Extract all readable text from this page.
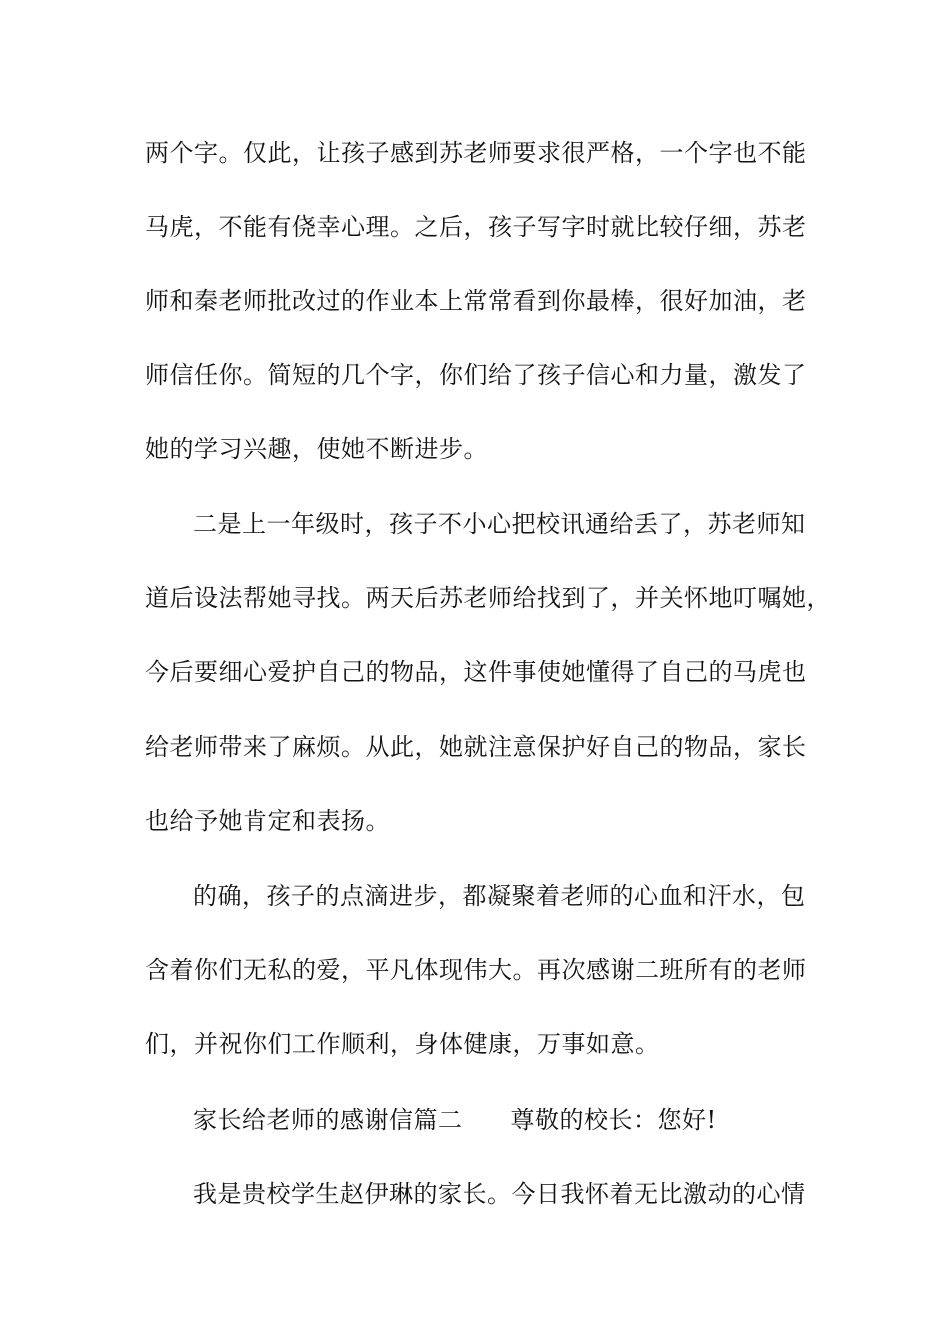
两个字。仅此，让孩子感到苏老师要求很严格，一个字也不能
马虎，不能有侥幸心理。之后，孩子写字时就比较仔细，苏老
师和秦老师批改过的作业本上常常看到你最棒，很好加油，老
师信任你。简短的几个字，你们给了孩子信心和力量，激发了
她的学习兴趣，使她不断进步。
二是上一年级时，孩子不小心把校讯通给丢了，苏老师知
道后设法帮她寻找。两天后苏老师给找到了，并关怀地叮嘱她，
今后要细心爱护自己的物品，这件事使她懂得了自己的马虎也
给老师带来了麻烦。从此，她就注意保护好自己的物品，家长
也给予她肯定和表扬。
的确，孩子的点滴进步，都凝聚着老师的心血和汗水，包
含着你们无私的爱，平凡体现伟大。再次感谢二班所有的老师
们，并祝你们工作顺利，身体健康，万事如意。
家长给老师的感谢信篇二 尊敬的校长：您好!
我是贵校学生赵伊琳的家长。今日我怀着无比激动的心情
